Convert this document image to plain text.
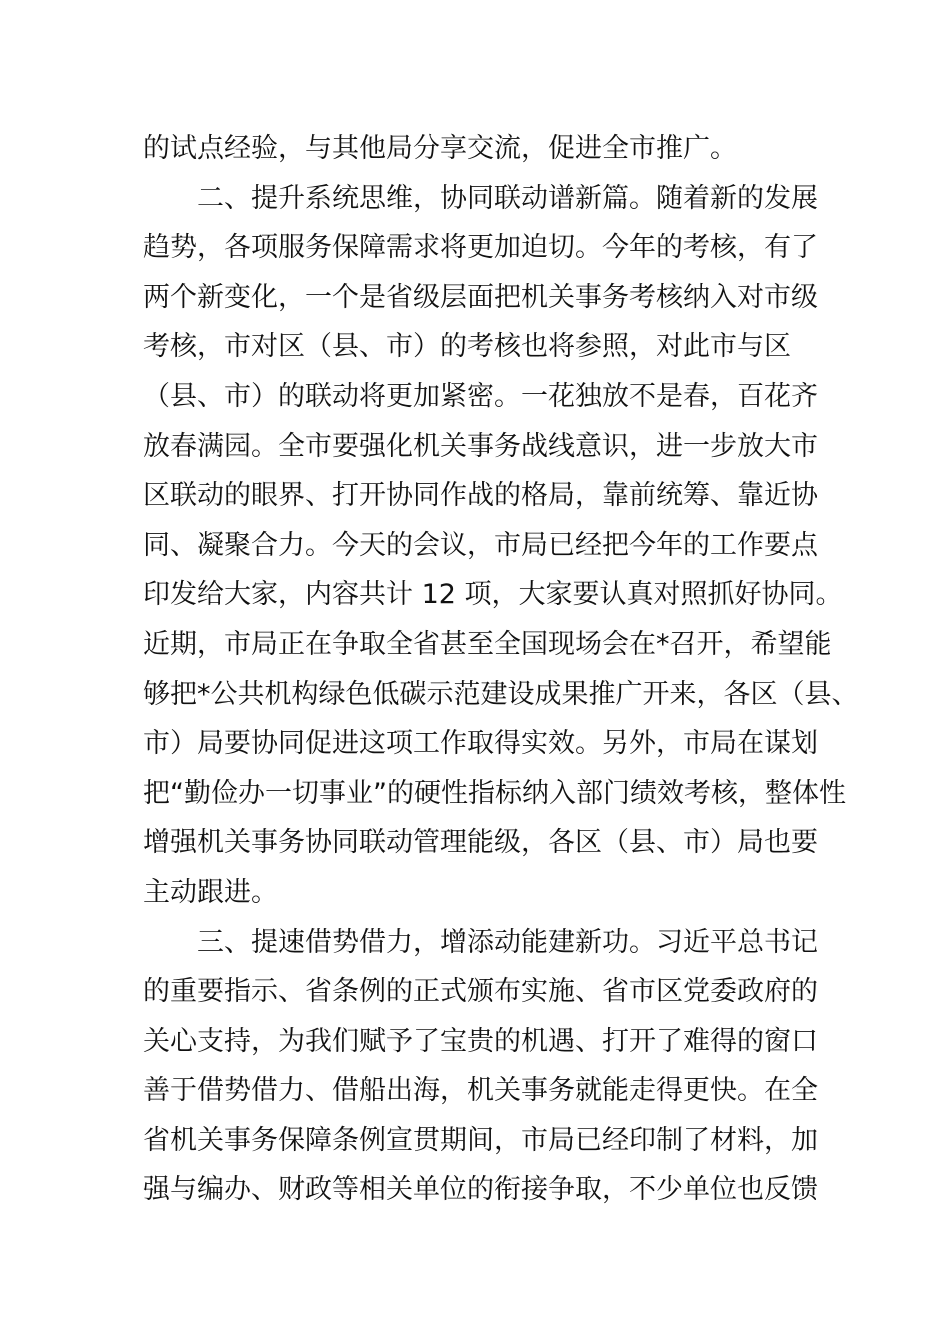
的试点经验，与其他局分享交流，促进全市推广。
二、提升系统思维，协同联动谱新篇。随着新的发展
趋势，各项服务保障需求将更加迫切。今年的考核，有了
两个新变化，一个是省级层面把机关事务考核纳入对市级
考核，市对区（县、市）的考核也将参照，对此市与区
（县、市）的联动将更加紧密。一花独放不是春，百花齐
放春满园。全市要强化机关事务战线意识，进一步放大市
区联动的眼界、打开协同作战的格局，靠前统筹、靠近协
同、凝聚合力。今天的会议，市局已经把今年的工作要点
印发给大家，内容共计 12 项，大家要认真对照抓好协同。
近期，市局正在争取全省甚至全国现场会在*召开，希望能
够把*公共机构绿色低碳示范建设成果推广开来，各区（县、
市）局要协同促进这项工作取得实效。另外，市局在谋划
把“勤俭办一切事业”的硬性指标纳入部门绩效考核，整体性
增强机关事务协同联动管理能级，各区（县、市）局也要
主动跟进。
三、提速借势借力，增添动能建新功。习近平总书记
的重要指示、省条例的正式颁布实施、省市区党委政府的
关心支持，为我们赋予了宝贵的机遇、打开了难得的窗口
善于借势借力、借船出海，机关事务就能走得更快。在全
省机关事务保障条例宣贯期间，市局已经印制了材料，加
强与编办、财政等相关单位的衔接争取，不少单位也反馈
